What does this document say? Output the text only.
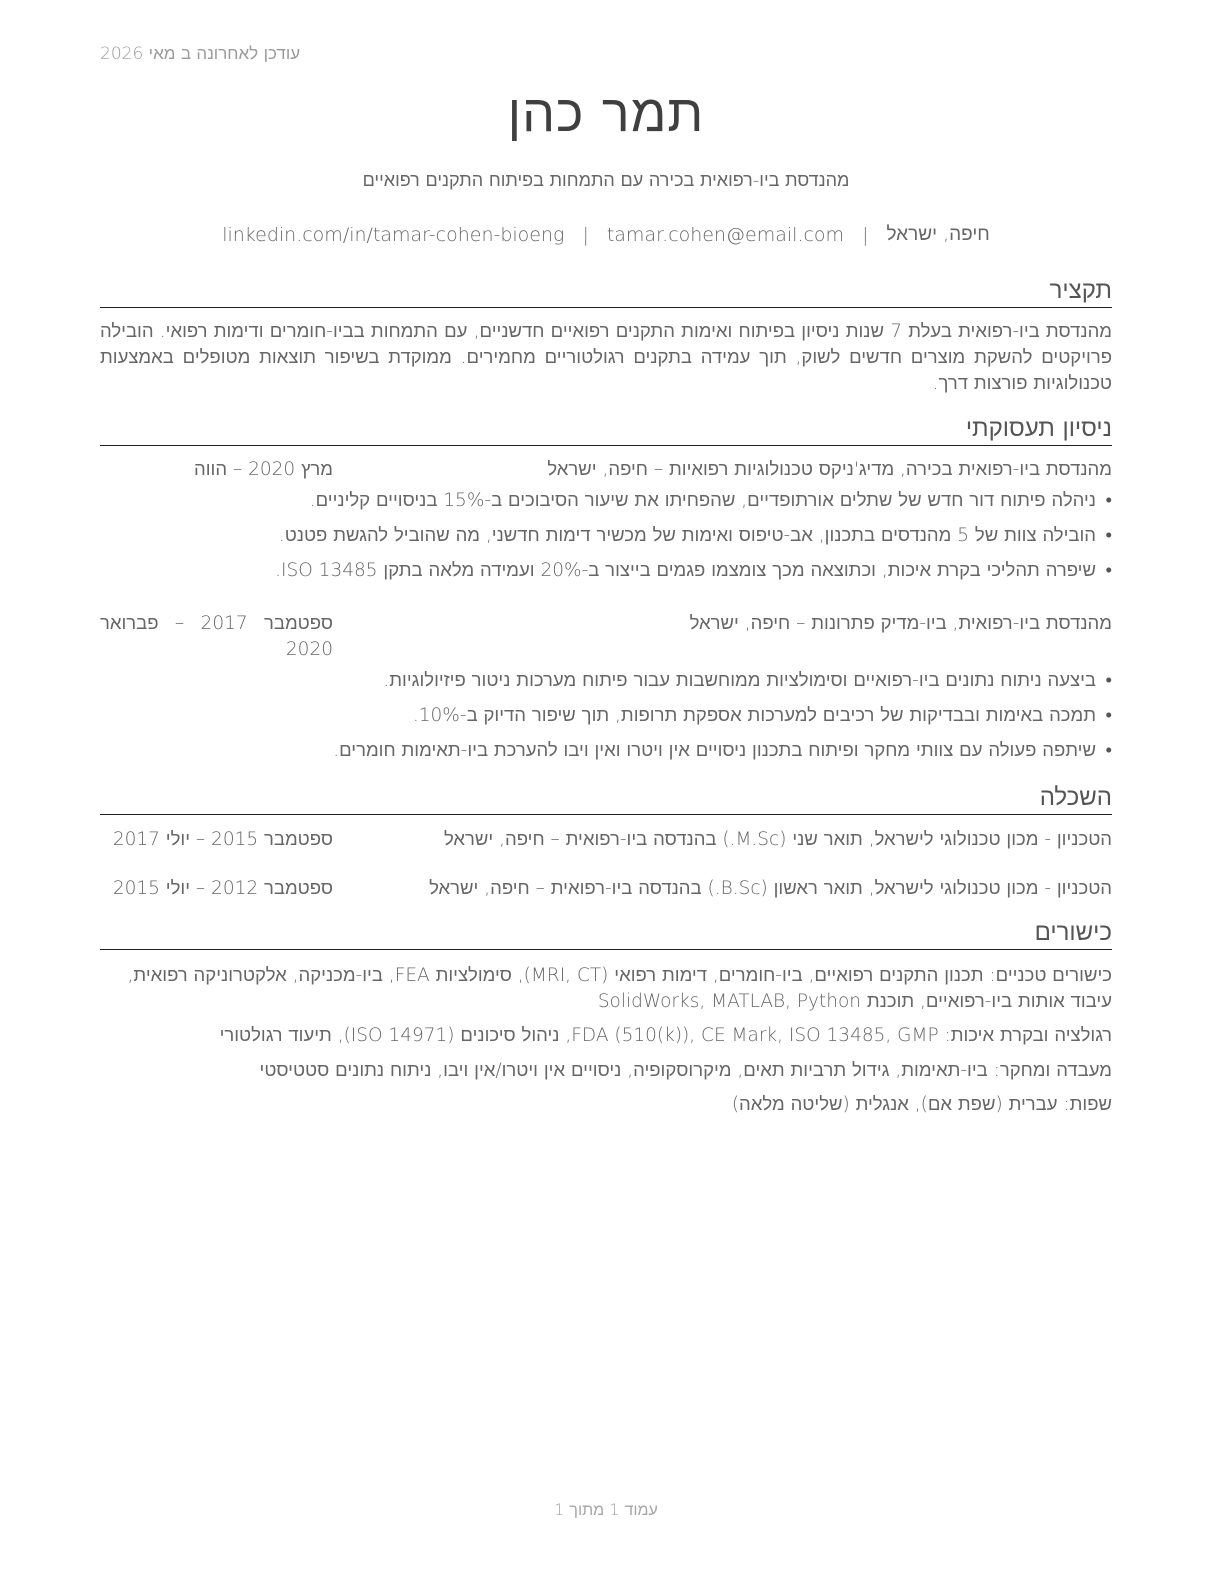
עודכן לאחרונה ב מאי 2026
תמר כהן
מהנדסת ביו-רפואית בכירה עם התמחות בפיתוח התקנים רפואיים
חיפה, ישראל
|
tamar.cohen@email.com
|
linkedin.com/in/tamar-cohen-bioeng
תקציר
מהנדסת ביו-רפואית בעלת 7 שנות ניסיון בפיתוח ואימות התקנים רפואיים חדשניים, עם התמחות בביו-חומרים ודימות רפואי. הובילה פרויקטים להשקת מוצרים חדשים לשוק, תוך עמידה בתקנים רגולטוריים מחמירים. ממוקדת בשיפור תוצאות מטופלים באמצעות טכנולוגיות פורצות דרך.
ניסיון תעסוקתי
מהנדסת ביו-רפואית בכירה, מדיג'ניקס טכנולוגיות רפואיות – חיפה, ישראל
מרץ 2020 – הווה
• ניהלה פיתוח דור חדש של שתלים אורתופדיים, שהפחיתו את שיעור הסיבוכים ב-15% בניסויים קליניים.
• הובילה צוות של 5 מהנדסים בתכנון, אב-טיפוס ואימות של מכשיר דימות חדשני, מה שהוביל להגשת פטנט.
• שיפרה תהליכי בקרת איכות, וכתוצאה מכך צומצמו פגמים בייצור ב-20% ועמידה מלאה בתקן ISO 13485.
מהנדסת ביו-רפואית, ביו-מדיק פתרונות – חיפה, ישראל
ספטמבר 2017 – פברואר 2020
• ביצעה ניתוח נתונים ביו-רפואיים וסימולציות ממוחשבות עבור פיתוח מערכות ניטור פיזיולוגיות.
• תמכה באימות ובבדיקות של רכיבים למערכות אספקת תרופות, תוך שיפור הדיוק ב-10%.
• שיתפה פעולה עם צוותי מחקר ופיתוח בתכנון ניסויים אין ויטרו ואין ויבו להערכת ביו-תאימות חומרים.
השכלה
הטכניון - מכון טכנולוגי לישראל, תואר שני (M.Sc.) בהנדסה ביו-רפואית – חיפה, ישראל
ספטמבר 2015 – יולי 2017
הטכניון - מכון טכנולוגי לישראל, תואר ראשון (B.Sc.) בהנדסה ביו-רפואית – חיפה, ישראל
ספטמבר 2012 – יולי 2015
כישורים
כישורים טכניים: תכנון התקנים רפואיים, ביו-חומרים, דימות רפואי (MRI, CT), סימולציות FEA, ביו-מכניקה, אלקטרוניקה רפואית, עיבוד אותות ביו-רפואיים, תוכנת SolidWorks, MATLAB, Python
רגולציה ובקרת איכות: FDA (510(k)), CE Mark, ISO 13485, GMP, ניהול סיכונים (ISO 14971), תיעוד רגולטורי
מעבדה ומחקר: ביו-תאימות, גידול תרביות תאים, מיקרוסקופיה, ניסויים אין ויטרו/אין ויבו, ניתוח נתונים סטטיסטי
שפות: עברית (שפת אם), אנגלית (שליטה מלאה)
עמוד 1 מתוך 1
